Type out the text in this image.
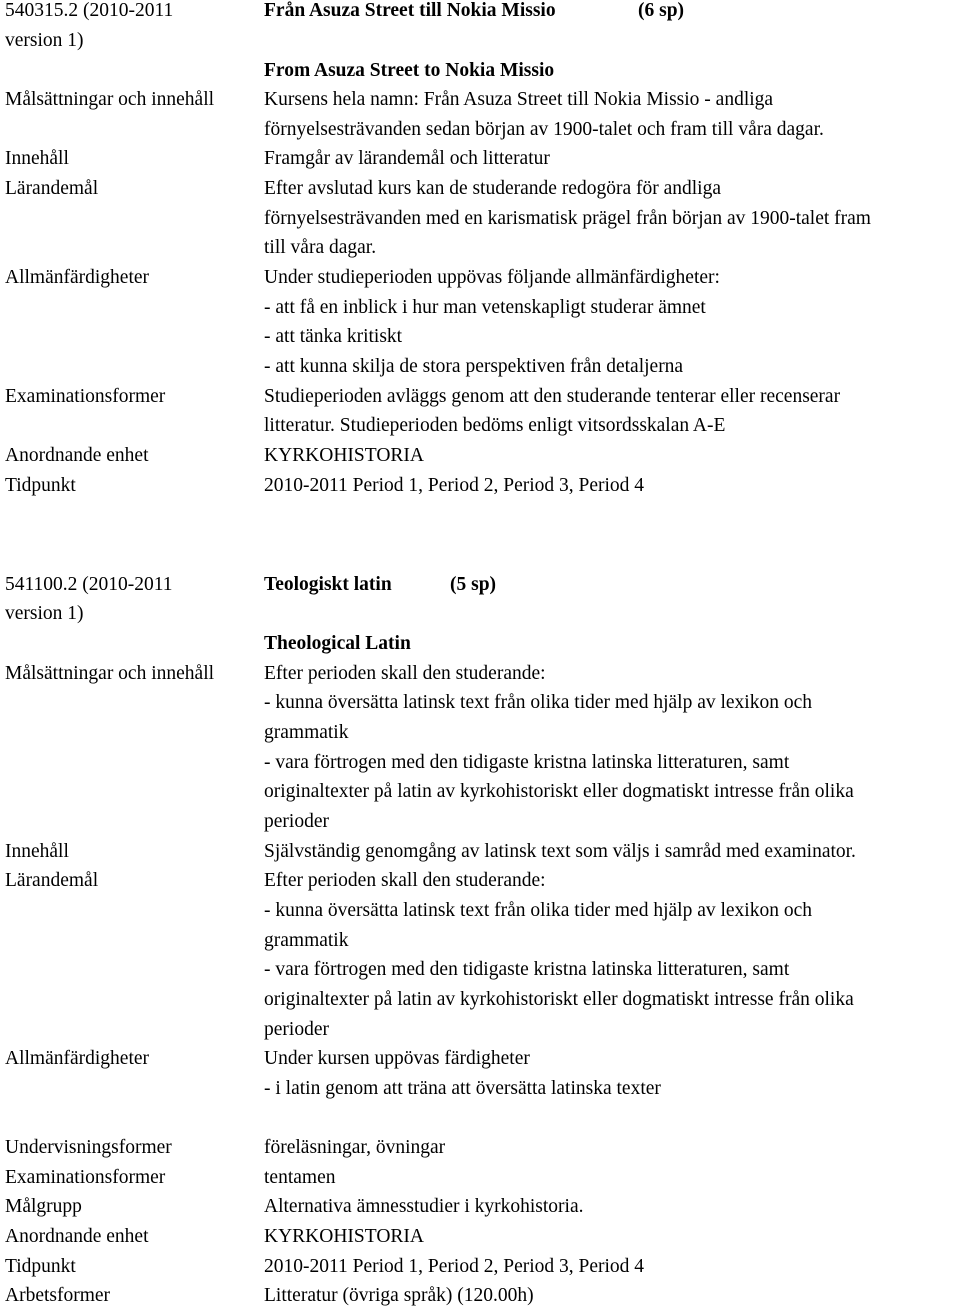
540315.2 (2010-2011	Från Asuza Street till Nokia Missio	(6 sp)
version 1)
From Asuza Street to Nokia Missio
Målsättningar och innehåll	Kursens hela namn: Från Asuza Street till Nokia Missio - andliga
förnyelsesträvanden sedan början av 1900-talet och fram till våra dagar.
Innehåll	Framgår av lärandemål och litteratur
Lärandemål	Efter avslutad kurs kan de studerande redogöra för andliga
förnyelsesträvanden med en karismatisk prägel från början av 1900-talet fram
till våra dagar.
Allmänfärdigheter	Under studieperioden uppövas följande allmänfärdigheter:
- att få en inblick i hur man vetenskapligt studerar ämnet
- att tänka kritiskt
- att kunna skilja de stora perspektiven från detaljerna
Examinationsformer	Studieperioden avläggs genom att den studerande tenterar eller recenserar
litteratur. Studieperioden bedöms enligt vitsordsskalan A-E
Anordnande enhet	KYRKOHISTORIA
Tidpunkt	2010-2011 Period 1, Period 2, Period 3, Period 4
541100.2 (2010-2011	Teologiskt latin	(5 sp)
version 1)
Theological Latin
Målsättningar och innehåll	Efter perioden skall den studerande:
- kunna översätta latinsk text från olika tider med hjälp av lexikon och
grammatik
- vara förtrogen med den tidigaste kristna latinska litteraturen, samt
originaltexter på latin av kyrkohistoriskt eller dogmatiskt intresse från olika
perioder
Innehåll	Självständig genomgång av latinsk text som väljs i samråd med examinator.
Lärandemål	Efter perioden skall den studerande:
- kunna översätta latinsk text från olika tider med hjälp av lexikon och
grammatik
- vara förtrogen med den tidigaste kristna latinska litteraturen, samt
originaltexter på latin av kyrkohistoriskt eller dogmatiskt intresse från olika
perioder
Allmänfärdigheter	Under kursen uppövas färdigheter
- i latin genom att träna att översätta latinska texter
Undervisningsformer	föreläsningar, övningar
Examinationsformer	tentamen
Målgrupp	Alternativa ämnesstudier i kyrkohistoria.
Anordnande enhet	KYRKOHISTORIA
Tidpunkt	2010-2011 Period 1, Period 2, Period 3, Period 4
Arbetsformer	Litteratur (övriga språk) (120.00h)
